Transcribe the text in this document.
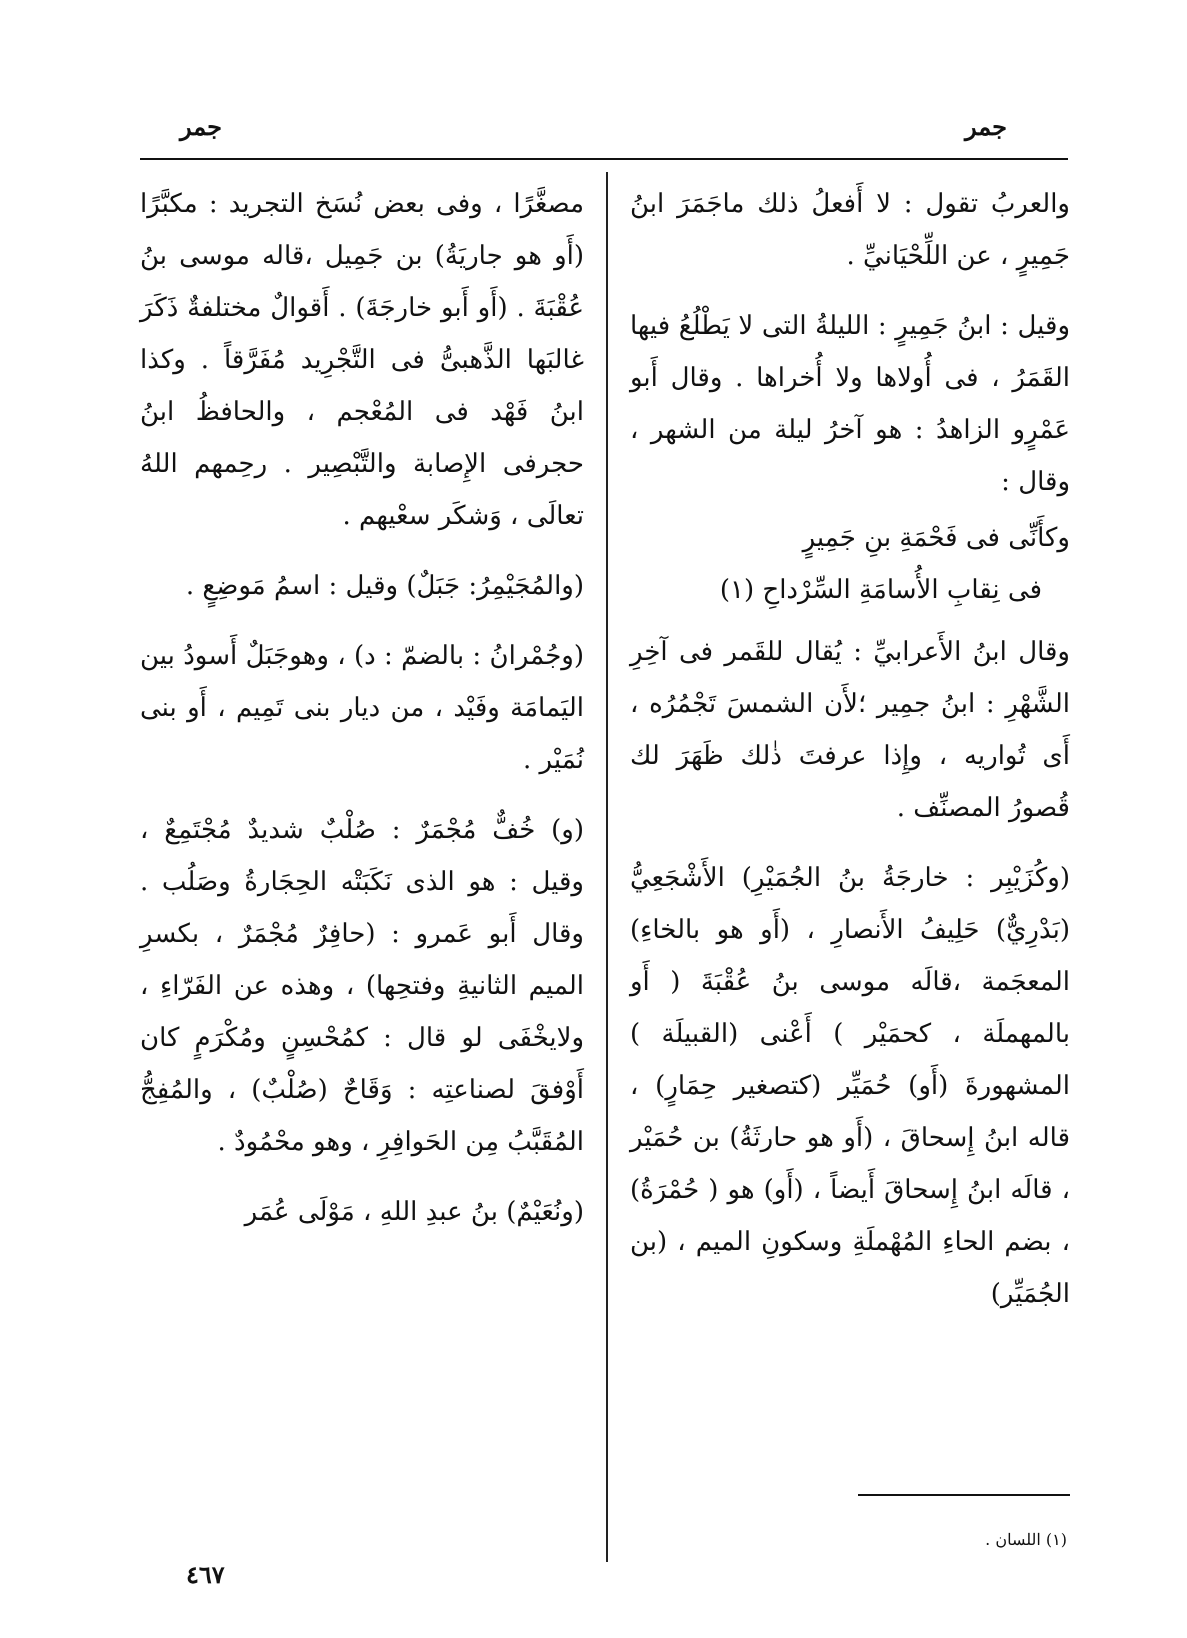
جمر
جمر

والعربُ تقول : لا أَفعلُ ذلك ماجَمَرَ ابنُ جَمِيرٍ ، عن اللِّحْيَانيِّ .

وقيل : ابنُ جَمِيرٍ : الليلةُ التى لا يَطْلُعُ فيها القَمَرُ ، فى أُولاها ولا أُخراها . وقال أَبو عَمْرٍو الزاهدُ : هو آخرُ ليلة من الشهر ، وقال :

وكأَنِّى فى فَحْمَةِ بنِ جَمِيرٍ
فى نِقابِ الأُسامَةِ السِّرْداحِ (١)

وقال ابنُ الأَعرابيِّ : يُقال للقَمر فى آخِرِ الشَّهْرِ : ابنُ جمِير ؛لأَن الشمسَ تَجْمُرُه ، أَى تُواريه ، وإِذا عرفتَ ذٰلك ظَهَرَ لك قُصورُ المصنِّف .

(وكُزَيْبِر : خارجَةُ بنُ الجُمَيْرِ) الأَشْجَعِيُّ (بَدْرِيٌّ) حَلِيفُ الأَنصارِ ، (أَو هو بالخاءِ) المعجَمة ،قالَه موسى بنُ عُقْبَةَ ( أَو بالمهملَة ، كحمَيْر ) أَعْنى (القبيلَة ) المشهورةَ (أَو) حُمَيِّر (كتصغير حِمَارٍ) ، قاله ابنُ إِسحاقَ ، (أَو هو حارثَةُ) بن حُمَيْر ، قالَه ابنُ إِسحاقَ أَيضاً ، (أَو) هو ( حُمْرَةُ) ، بضم الحاءِ المُهْملَةِ وسكونِ الميم ، (بن الجُمَيِّر)

مصغَّرًا ، وفى بعض نُسَخ التجريد : مكبَّرًا (أَو هو جاريَةُ) بن جَمِيل ،قاله موسى بنُ عُقْبَةَ . (أَو أَبو خارجَةَ) . أَقوالٌ مختلفةٌ ذَكَرَ غالبَها الذَّهبىُّ فى التَّجْرِيد مُفَرَّقاً . وكذا ابنُ فَهْد فى المُعْجم ، والحافظُ ابنُ حجرفى الإِصابة والتَّبْصِير . رحِمهم اللهُ تعالَى ، وَشكَر سعْيهم .

(والمُجَيْمِرُ: جَبَلٌ) وقيل : اسمُ مَوضِعٍ .

(وجُمْرانُ : بالضمّ : د) ، وهوجَبَلٌ أَسودُ بين اليَمامَة وفَيْد ، من ديار بنى تَمِيم ، أَو بنى نُمَيْر .

(و) خُفٌّ مُجْمَرٌ : صُلْبٌ شديدٌ مُجْتَمِعٌ ، وقيل : هو الذى نَكَبَتْه الحِجَارةُ وصَلُب . وقال أَبو عَمرو : (حافِرٌ مُجْمَرٌ ، بكسرِ الميم الثانيةِ وفتحِها) ، وهذه عن الفَرّاءِ ، ولايخْفَى لو قال : كمُحْسِنٍ ومُكْرَمٍ كان أَوْفقَ لصناعتِه : وَقَاحٌ (صُلْبٌ) ، والمُفِجُّ المُقَبَّبُ مِن الحَوافِرِ ، وهو محْمُودٌ .

(ونُعَيْمٌ) بنُ عبدِ اللهِ ، مَوْلَى عُمَر

(١) اللسان .
٤٦٧
